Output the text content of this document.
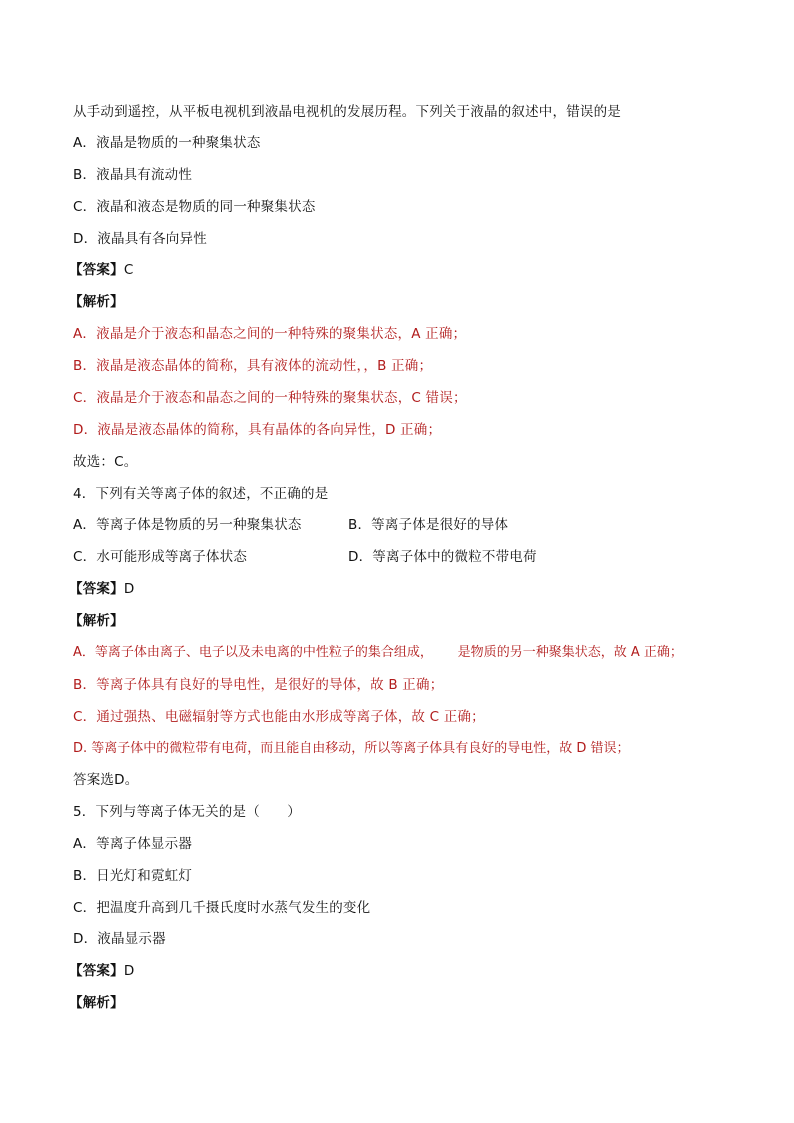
从手动到遥控，从平板电视机到液晶电视机的发展历程。下列关于液晶的叙述中，错误的是
A．液晶是物质的一种聚集状态
B．液晶具有流动性
C．液晶和液态是物质的同一种聚集状态
D．液晶具有各向异性
【答案】C
【解析】
A．液晶是介于液态和晶态之间的一种特殊的聚集状态，A 正确；
B．液晶是液态晶体的简称，具有液体的流动性，，B 正确；
C．液晶是介于液态和晶态之间的一种特殊的聚集状态，C 错误；
D．液晶是液态晶体的简称，具有晶体的各向异性，D 正确；
故选：C。
4．下列有关等离子体的叙述，不正确的是
A．等离子体是物质的另一种聚集状态	B．等离子体是很好的导体
C．水可能形成等离子体状态	D．等离子体中的微粒不带电荷
【答案】D
【解析】
A．等离子体由离子、电子以及未电离的中性粒子的集合组成，      是物质的另一种聚集状态，故 A 正确；
B．等离子体具有良好的导电性，是很好的导体，故 B 正确；
C．通过强热、电磁辐射等方式也能由水形成等离子体，故 C 正确；
D. 等离子体中的微粒带有电荷，而且能自由移动，所以等离子体具有良好的导电性，故 D 错误；
答案选D。
5．下列与等离子体无关的是（　　）
A．等离子体显示器
B．日光灯和霓虹灯
C．把温度升高到几千摄氏度时水蒸气发生的变化
D．液晶显示器
【答案】D
【解析】
